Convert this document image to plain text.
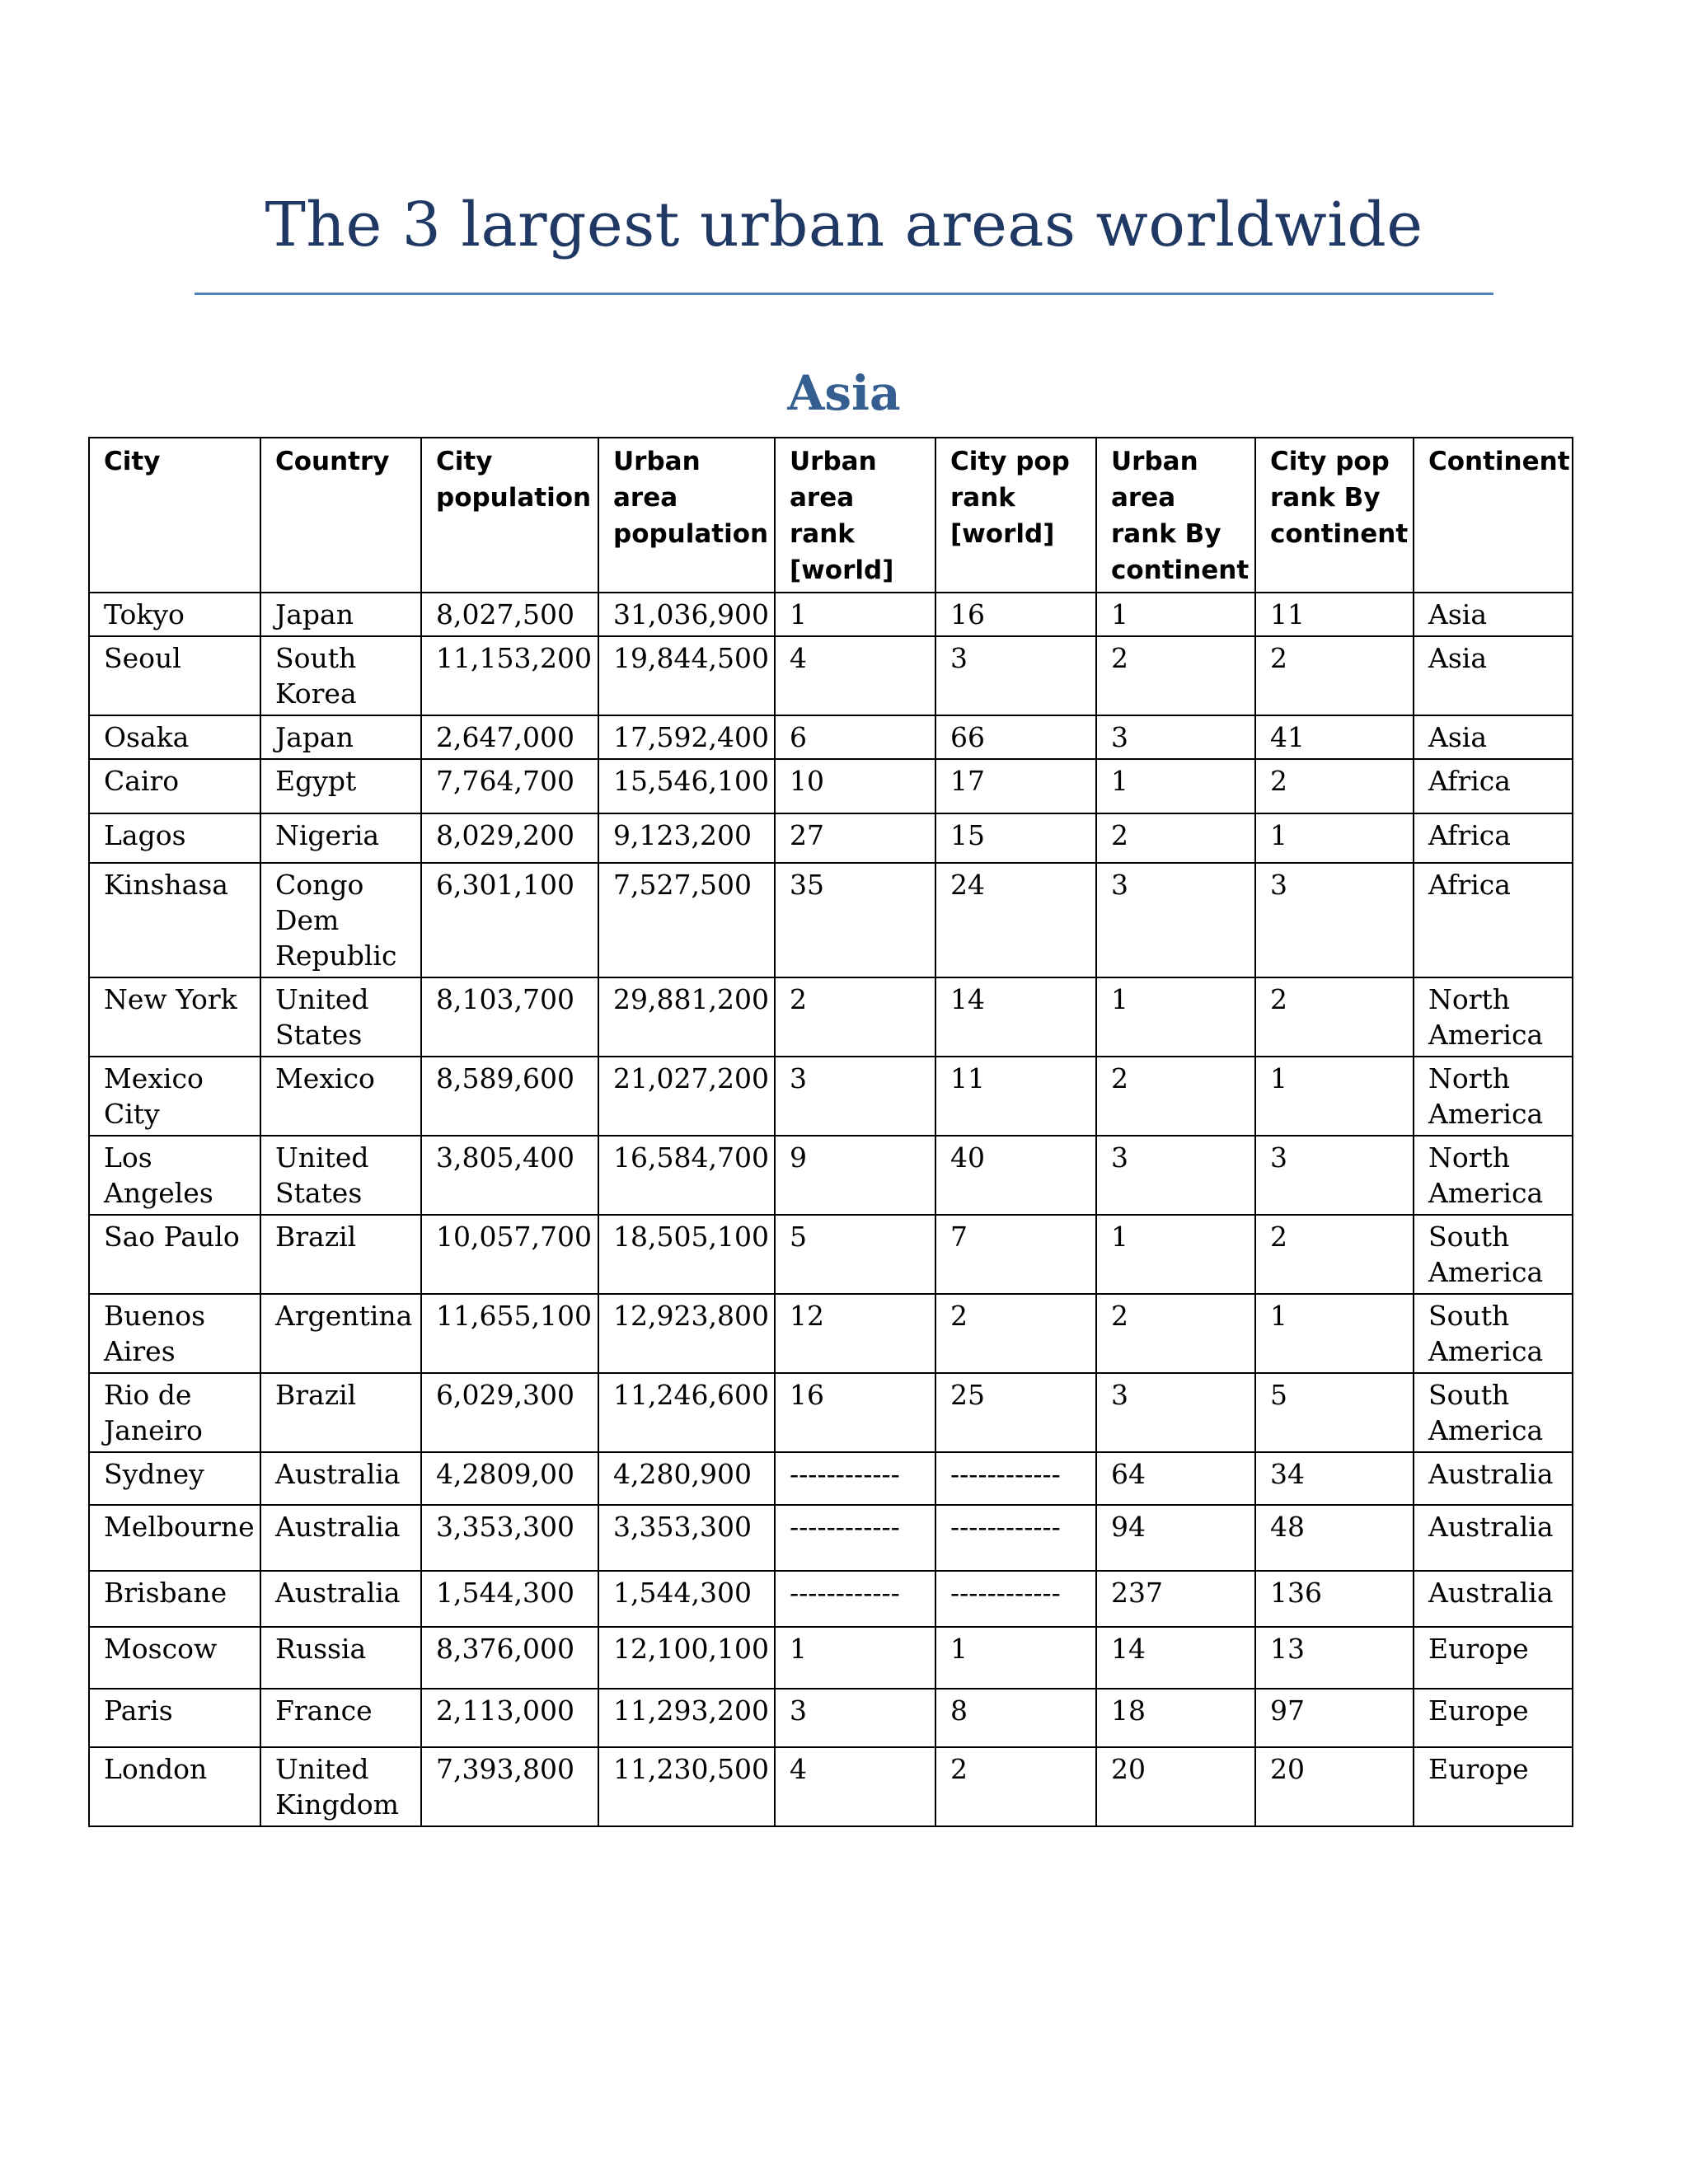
The 3 largest urban areas worldwide
Asia
City	Country	City population	Urban area population	Urban area rank [world]	City pop rank [world]	Urban area rank By continent	City pop rank By continent	Continent
Tokyo	Japan	8,027,500	31,036,900	1	16	1	11	Asia
Seoul	South Korea	11,153,200	19,844,500	4	3	2	2	Asia
Osaka	Japan	2,647,000	17,592,400	6	66	3	41	Asia
Cairo	Egypt	7,764,700	15,546,100	10	17	1	2	Africa
Lagos	Nigeria	8,029,200	9,123,200	27	15	2	1	Africa
Kinshasa	Congo Dem Republic	6,301,100	7,527,500	35	24	3	3	Africa
New York	United States	8,103,700	29,881,200	2	14	1	2	North America
Mexico City	Mexico	8,589,600	21,027,200	3	11	2	1	North America
Los Angeles	United States	3,805,400	16,584,700	9	40	3	3	North America
Sao Paulo	Brazil	10,057,700	18,505,100	5	7	1	2	South America
Buenos Aires	Argentina	11,655,100	12,923,800	12	2	2	1	South America
Rio de Janeiro	Brazil	6,029,300	11,246,600	16	25	3	5	South America
Sydney	Australia	4,2809,00	4,280,900	------------	------------	64	34	Australia
Melbourne	Australia	3,353,300	3,353,300	------------	------------	94	48	Australia
Brisbane	Australia	1,544,300	1,544,300	------------	------------	237	136	Australia
Moscow	Russia	8,376,000	12,100,100	1	1	14	13	Europe
Paris	France	2,113,000	11,293,200	3	8	18	97	Europe
London	United Kingdom	7,393,800	11,230,500	4	2	20	20	Europe
